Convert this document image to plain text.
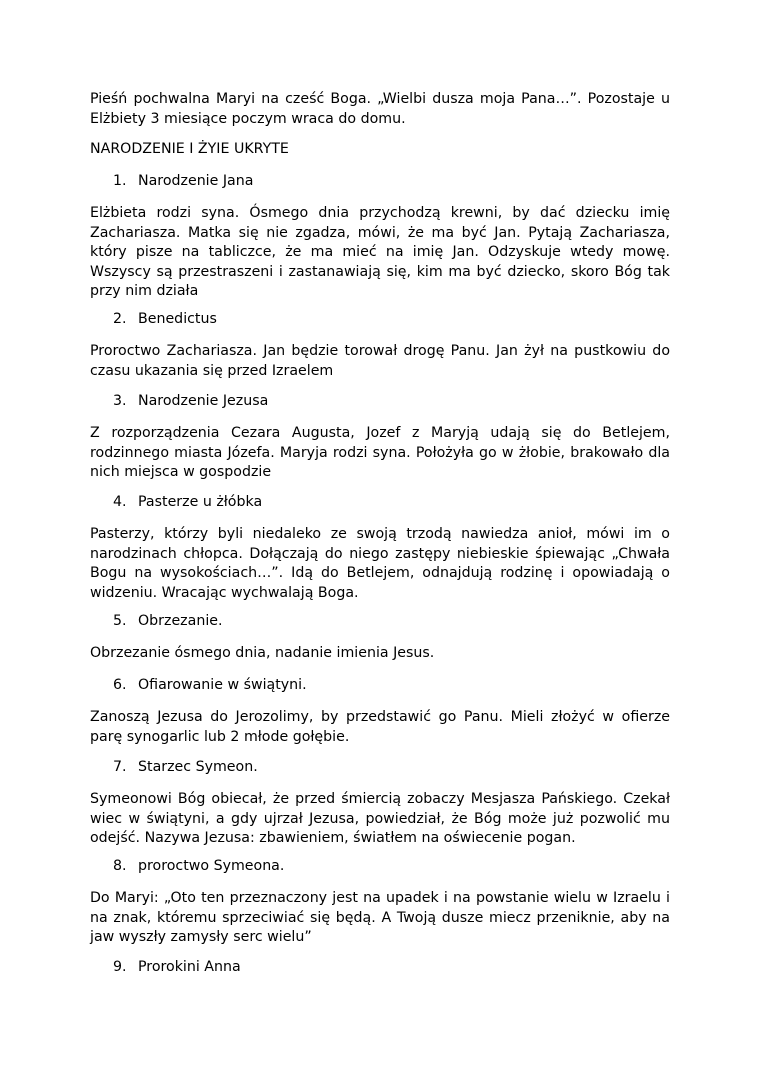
Pieśń pochwalna Maryi na cześć Boga. „Wielbi dusza moja Pana…”. Pozostaje u Elżbiety 3 miesiące poczym wraca do domu.

NARODZENIE I ŻYIE UKRYTE

1. Narodzenie Jana

Elżbieta rodzi syna. Ósmego dnia przychodzą krewni, by dać dziecku imię Zachariasza. Matka się nie zgadza, mówi, że ma być Jan. Pytają Zachariasza, który pisze na tabliczce, że ma mieć na imię Jan. Odzyskuje wtedy mowę. Wszyscy są przestraszeni i zastanawiają się, kim ma być dziecko, skoro Bóg tak przy nim działa

2. Benedictus

Proroctwo Zachariasza. Jan będzie torował drogę Panu. Jan żył na pustkowiu do czasu ukazania się przed Izraelem

3. Narodzenie Jezusa

Z rozporządzenia Cezara Augusta, Jozef z Maryją udają się do Betlejem, rodzinnego miasta Józefa. Maryja rodzi syna. Położyła go w żłobie, brakowało dla nich miejsca w gospodzie

4. Pasterze u żłóbka

Pasterzy, którzy byli niedaleko ze swoją trzodą nawiedza anioł, mówi im o narodzinach chłopca. Dołączają do niego zastępy niebieskie śpiewając „Chwała Bogu na wysokościach…”. Idą do Betlejem, odnajdują rodzinę i opowiadają o widzeniu. Wracając wychwalają Boga.

5. Obrzezanie.

Obrzezanie ósmego dnia, nadanie imienia Jesus.

6. Ofiarowanie w świątyni.

Zanoszą Jezusa do Jerozolimy, by przedstawić go Panu. Mieli złożyć w ofierze parę synogarlic lub 2 młode gołębie.

7. Starzec Symeon.

Symeonowi Bóg obiecał, że przed śmiercią zobaczy Mesjasza Pańskiego. Czekał wiec w świątyni, a gdy ujrzał Jezusa, powiedział, że Bóg może już pozwolić mu odejść. Nazywa Jezusa: zbawieniem, światłem na oświecenie pogan.

8. proroctwo Symeona.

Do Maryi: „Oto ten przeznaczony jest na upadek i na powstanie wielu w Izraelu i na znak, któremu sprzeciwiać się będą. A Twoją dusze miecz przeniknie, aby na jaw wyszły zamysły serc wielu”

9. Prorokini Anna
